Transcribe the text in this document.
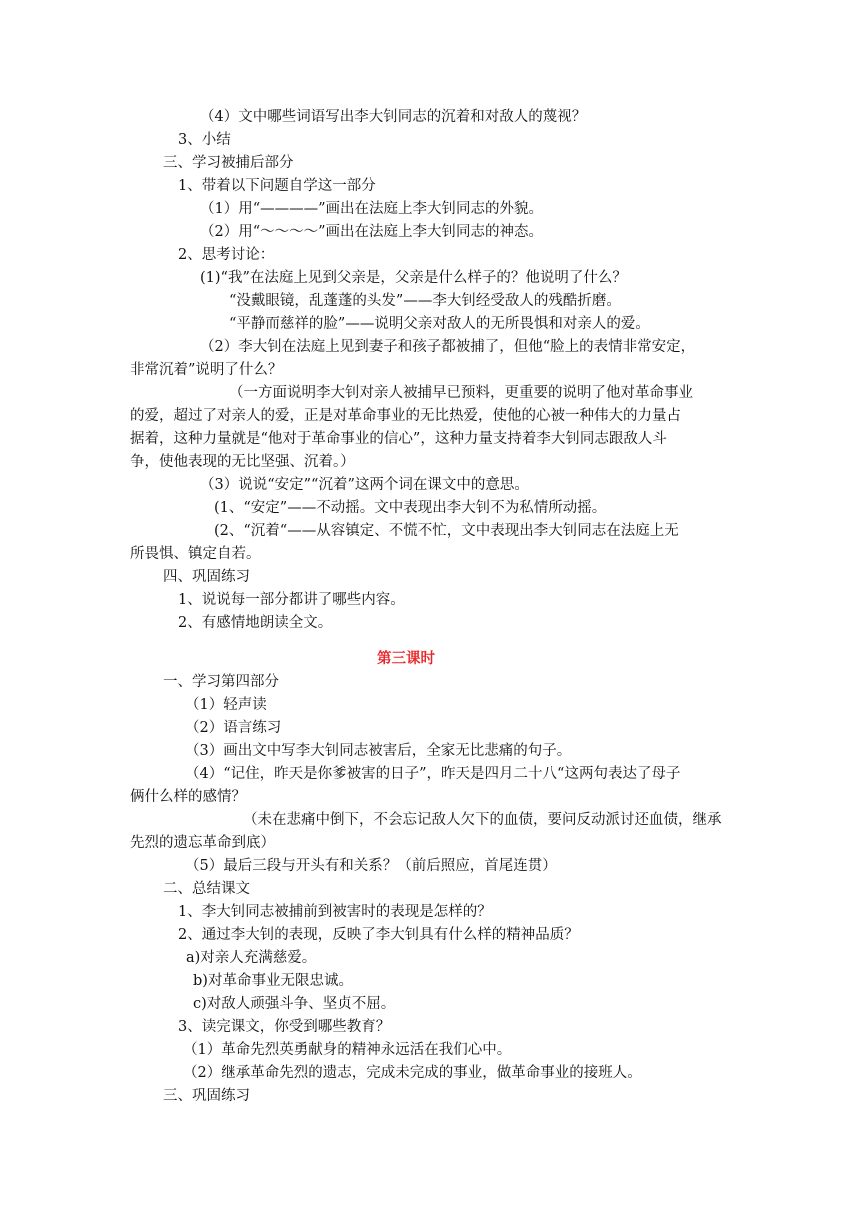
（4）文中哪些词语写出李大钊同志的沉着和对敌人的蔑视？
3、小结
三、学习被捕后部分
1、带着以下问题自学这一部分
（1）用“————”画出在法庭上李大钊同志的外貌。
（2）用“～～～～”画出在法庭上李大钊同志的神态。
2、思考讨论：
(1)“我”在法庭上见到父亲是，父亲是什么样子的？他说明了什么？
“没戴眼镜，乱蓬蓬的头发”——李大钊经受敌人的残酷折磨。
“平静而慈祥的脸”——说明父亲对敌人的无所畏惧和对亲人的爱。
（2）李大钊在法庭上见到妻子和孩子都被捕了，但他“脸上的表情非常安定，
非常沉着”说明了什么？
（一方面说明李大钊对亲人被捕早已预料，更重要的说明了他对革命事业
的爱，超过了对亲人的爱，正是对革命事业的无比热爱，使他的心被一种伟大的力量占
据着，这种力量就是“他对于革命事业的信心”，这种力量支持着李大钊同志跟敌人斗
争，使他表现的无比坚强、沉着。）
（3）说说“安定”“沉着”这两个词在课文中的意思。
(1、“安定”——不动摇。文中表现出李大钊不为私情所动摇。
(2、“沉着“——从容镇定、不慌不忙，文中表现出李大钊同志在法庭上无
所畏惧、镇定自若。
四、巩固练习
1、说说每一部分都讲了哪些内容。
2、有感情地朗读全文。
第三课时
一、学习第四部分
（1）轻声读
（2）语言练习
（3）画出文中写李大钊同志被害后，全家无比悲痛的句子。
（4）“记住，昨天是你爹被害的日子”，昨天是四月二十八“这两句表达了母子
俩什么样的感情？
（未在悲痛中倒下，不会忘记敌人欠下的血债，要问反动派讨还血债，继承
先烈的遗忘革命到底）
（5）最后三段与开头有和关系？（前后照应，首尾连贯）
二、总结课文
1、李大钊同志被捕前到被害时的表现是怎样的？
2、通过李大钊的表现，反映了李大钊具有什么样的精神品质？
a)对亲人充满慈爱。
b)对革命事业无限忠诚。
c)对敌人顽强斗争、坚贞不屈。
3、读完课文，你受到哪些教育？
（1）革命先烈英勇献身的精神永远活在我们心中。
（2）继承革命先烈的遗志，完成未完成的事业，做革命事业的接班人。
三、巩固练习
